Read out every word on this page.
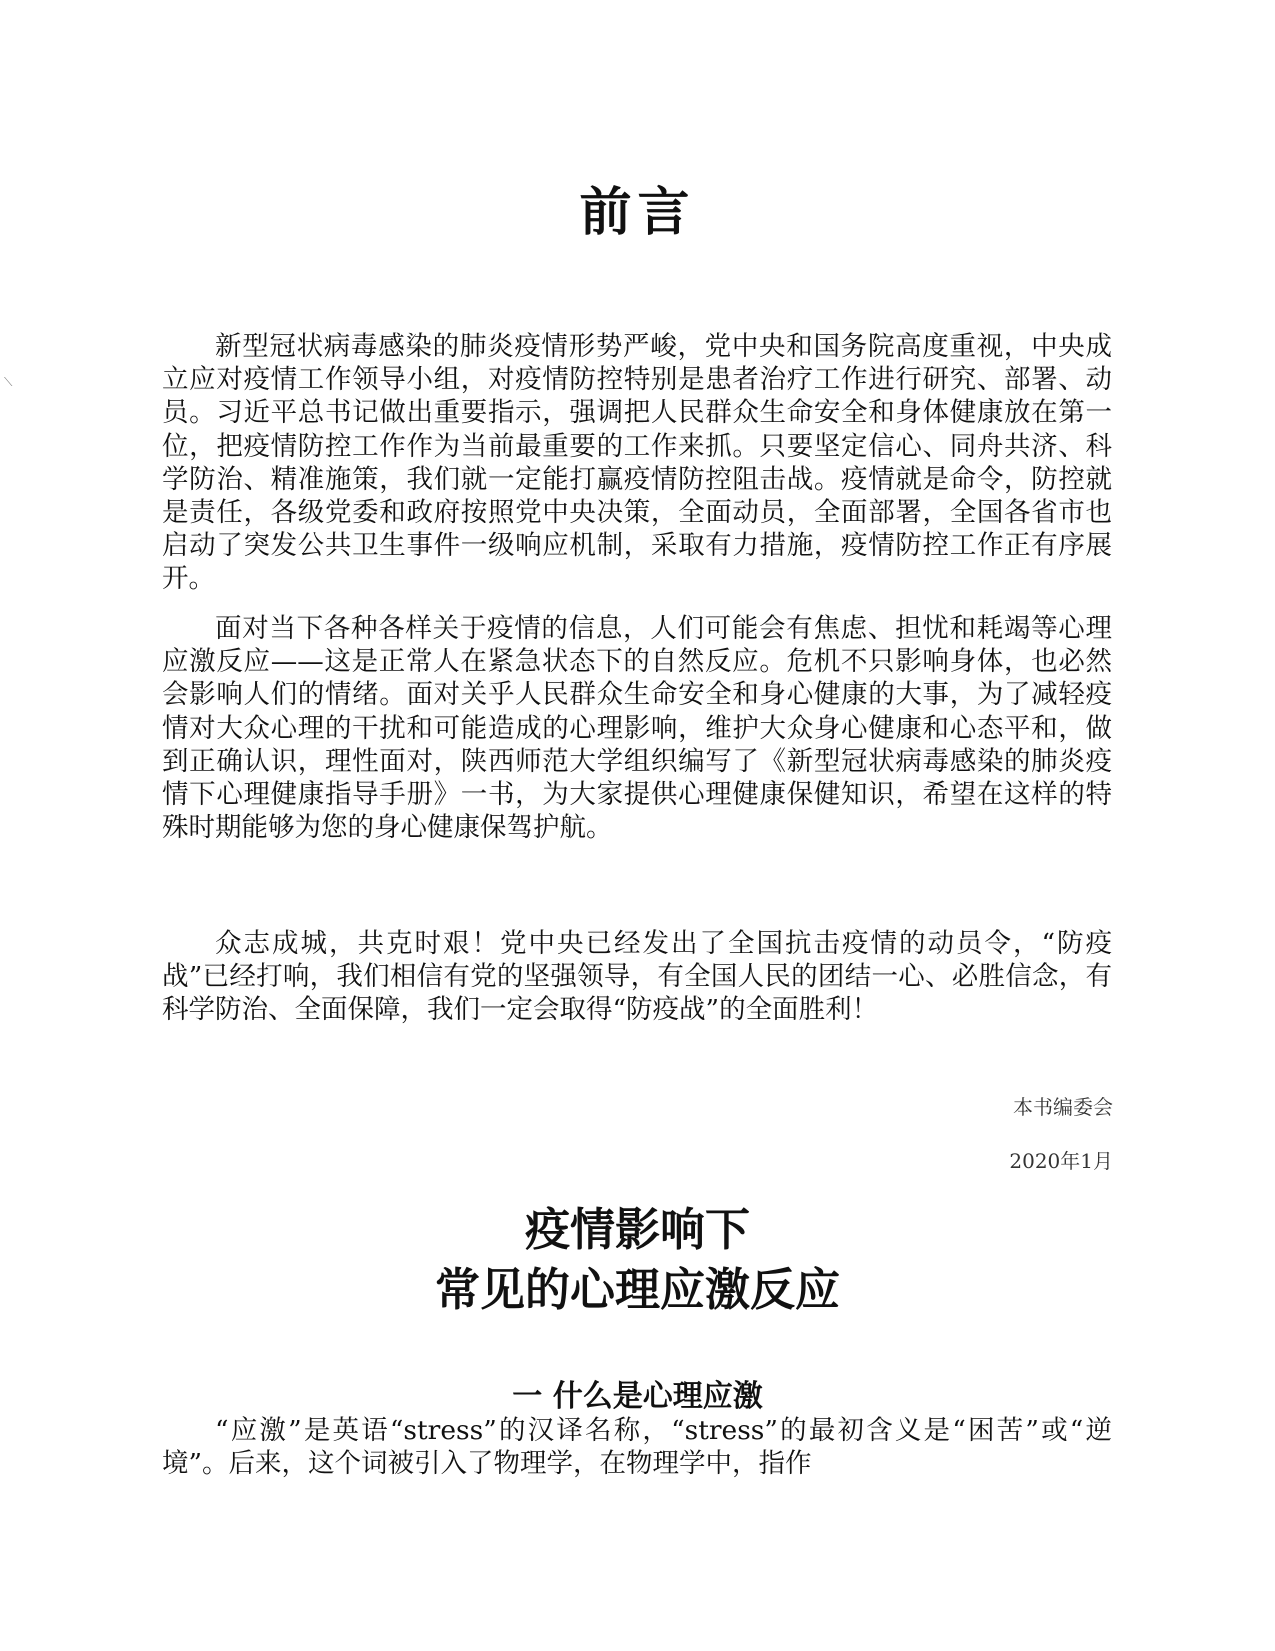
⟍
前言

新型冠状病毒感染的肺炎疫情形势严峻，党中央和国务院高度重视，中央成立应对疫情工作领导小组，对疫情防控特别是患者治疗工作进行研究、部署、动员。习近平总书记做出重要指示，强调把人民群众生命安全和身体健康放在第一位，把疫情防控工作作为当前最重要的工作来抓。只要坚定信心、同舟共济、科学防治、精准施策，我们就一定能打赢疫情防控阻击战。疫情就是命令，防控就是责任，各级党委和政府按照党中央决策，全面动员，全面部署，全国各省市也启动了突发公共卫生事件一级响应机制，采取有力措施，疫情防控工作正有序展开。

面对当下各种各样关于疫情的信息，人们可能会有焦虑、担忧和耗竭等心理应激反应——这是正常人在紧急状态下的自然反应。危机不只影响身体，也必然会影响人们的情绪。面对关乎人民群众生命安全和身心健康的大事，为了减轻疫情对大众心理的干扰和可能造成的心理影响，维护大众身心健康和心态平和，做到正确认识，理性面对，陕西师范大学组织编写了《新型冠状病毒感染的肺炎疫情下心理健康指导手册》一书，为大家提供心理健康保健知识，希望在这样的特殊时期能够为您的身心健康保驾护航。

众志成城，共克时艰！党中央已经发出了全国抗击疫情的动员令，“防疫战”已经打响，我们相信有党的坚强领导，有全国人民的团结一心、必胜信念，有科学防治、全面保障，我们一定会取得“防疫战”的全面胜利！

本书编委会
2020年1月
疫情影响下
常见的心理应激反应
一 什么是心理应激

“应激”是英语“stress”的汉译名称，“stress”的最初含义是“困苦”或“逆境”。后来，这个词被引入了物理学，在物理学中，指作
